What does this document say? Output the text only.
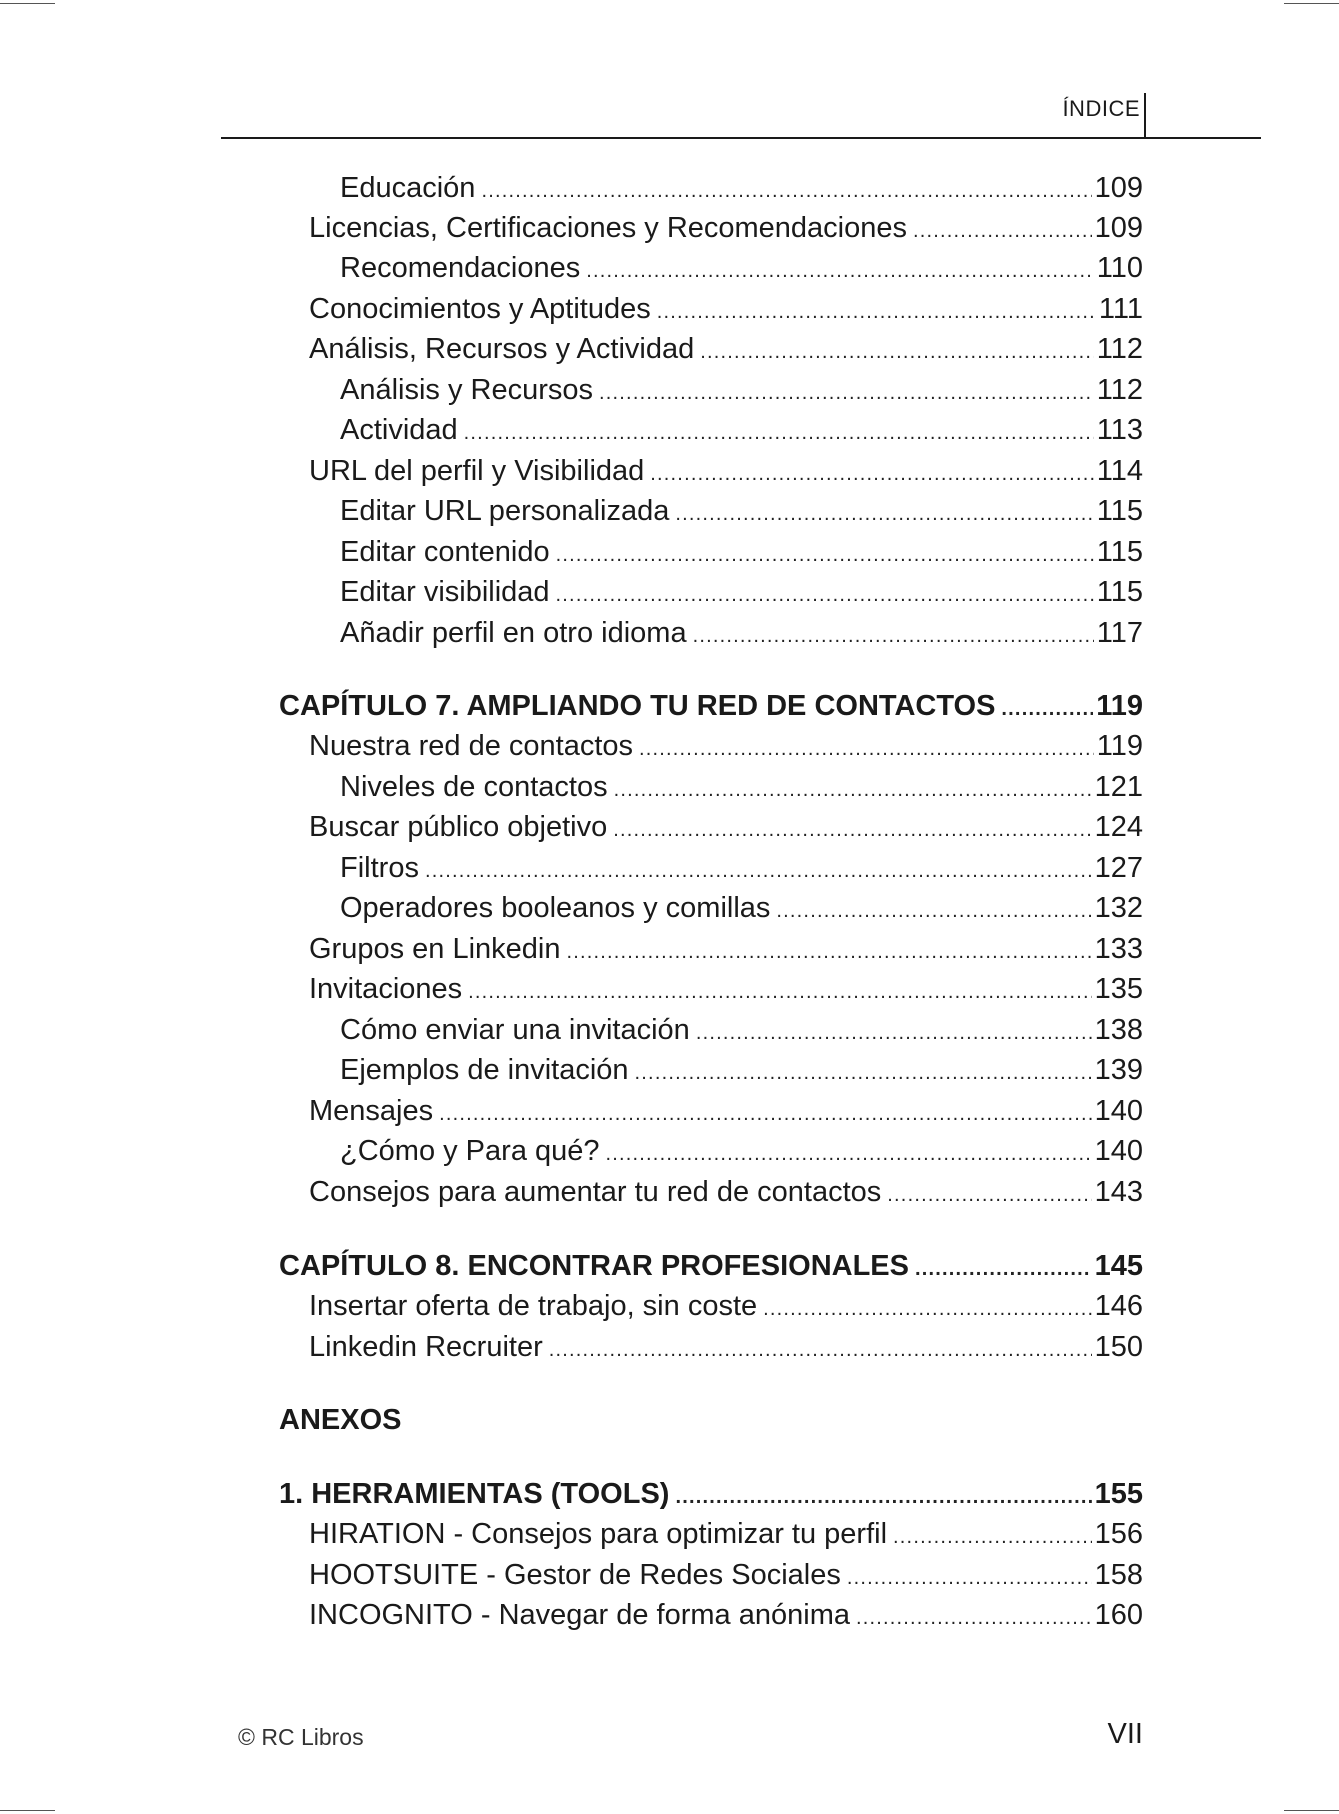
ÍNDICE
Educación .....	109
Licencias, Certificaciones y Recomendaciones .....	109
Recomendaciones .....	110
Conocimientos y Aptitudes .....	111
Análisis, Recursos y Actividad .....	112
Análisis y Recursos .....	112
Actividad .....	113
URL del perfil y Visibilidad .....	114
Editar URL personalizada .....	115
Editar contenido .....	115
Editar visibilidad .....	115
Añadir perfil en otro idioma .....	117
CAPÍTULO 7. AMPLIANDO TU RED DE CONTACTOS .....	119
Nuestra red de contactos .....	119
Niveles de contactos .....	121
Buscar público objetivo .....	124
Filtros .....	127
Operadores booleanos y comillas .....	132
Grupos en Linkedin .....	133
Invitaciones .....	135
Cómo enviar una invitación .....	138
Ejemplos de invitación .....	139
Mensajes .....	140
¿Cómo y Para qué? .....	140
Consejos para aumentar tu red de contactos .....	143
CAPÍTULO 8. ENCONTRAR PROFESIONALES .....	145
Insertar oferta de trabajo, sin coste .....	146
Linkedin Recruiter .....	150
ANEXOS
1. HERRAMIENTAS (TOOLS) .....	155
HIRATION - Consejos para optimizar tu perfil .....	156
HOOTSUITE - Gestor de Redes Sociales .....	158
INCOGNITO - Navegar de forma anónima .....	160
© RC Libros	VII
